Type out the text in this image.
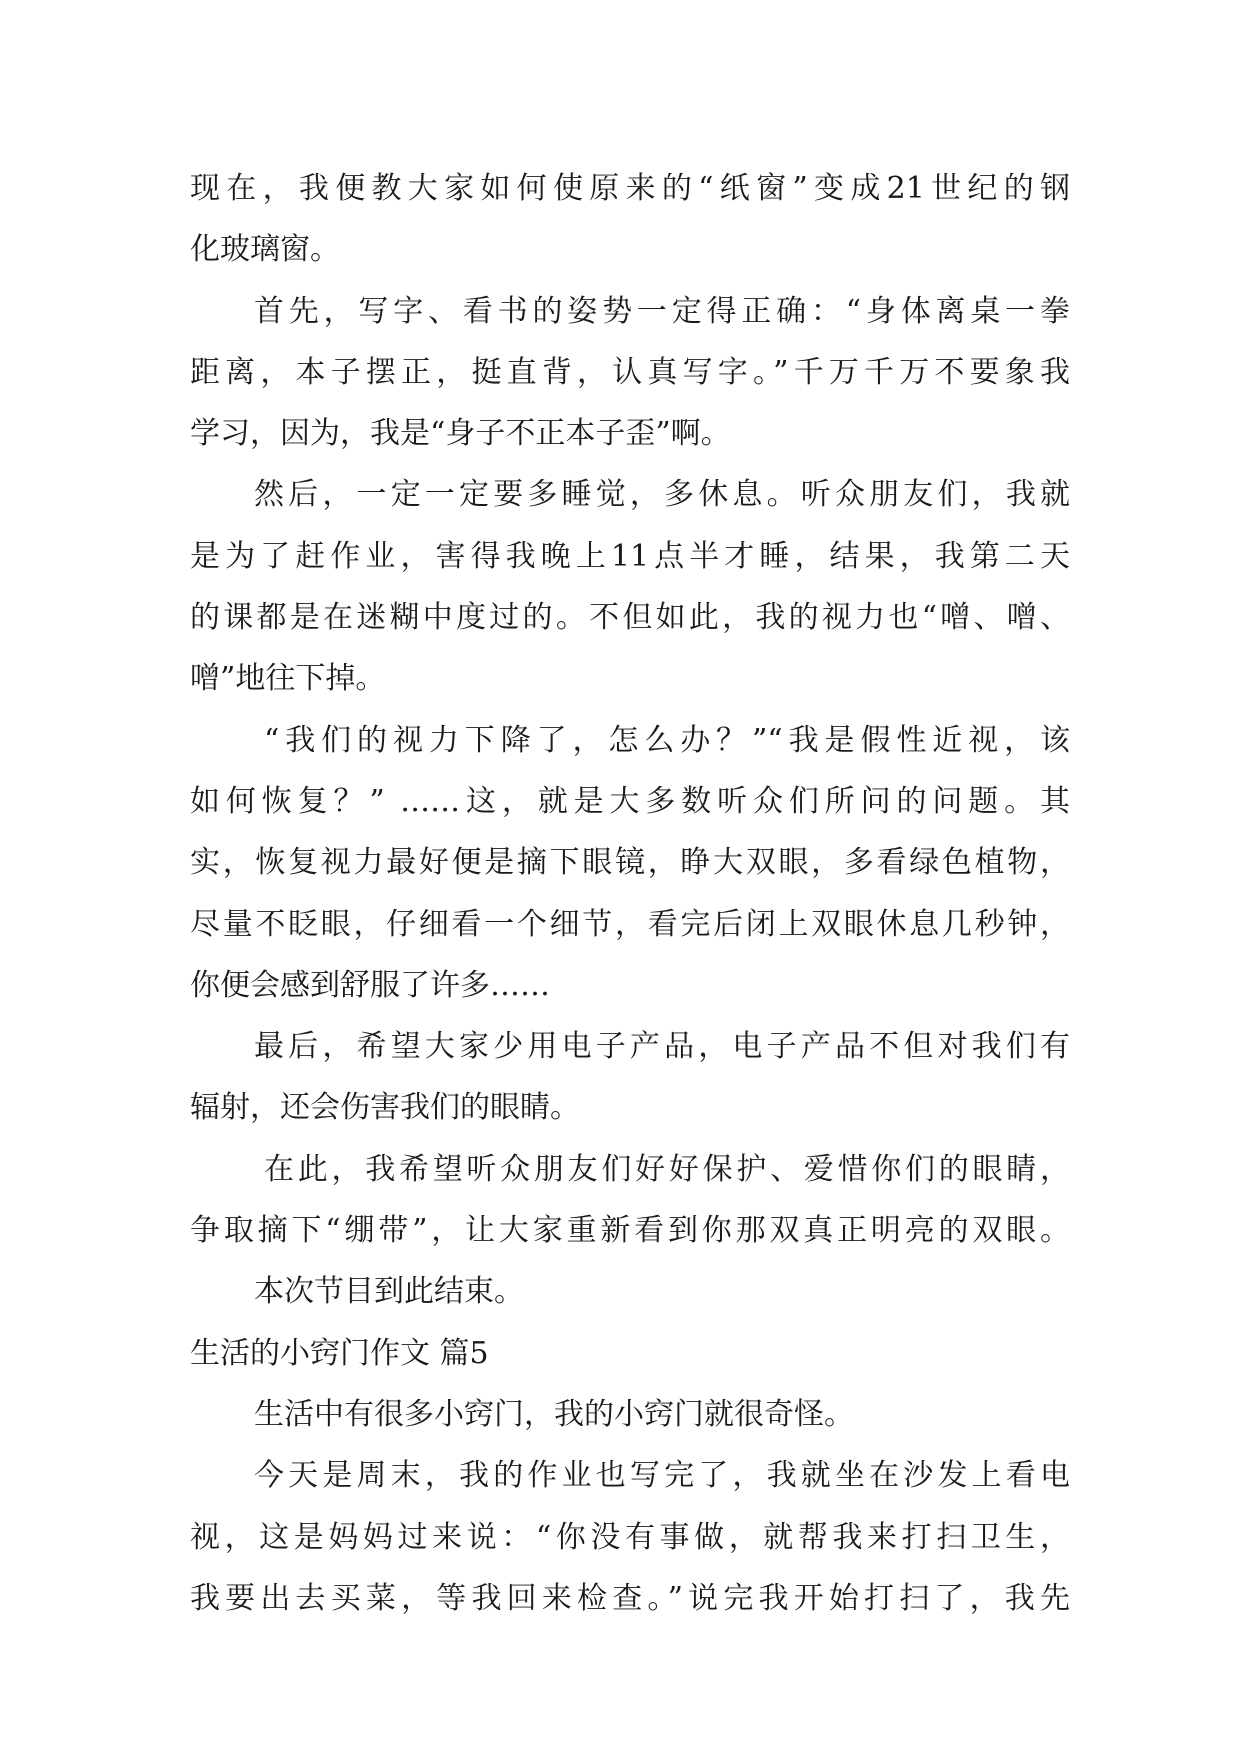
现在，我便教大家如何使原来的“纸窗”变成21世纪的钢
化玻璃窗。
首先，写字、看书的姿势一定得正确：“身体离桌一拳
距离，本子摆正，挺直背，认真写字。”千万千万不要象我
学习，因为，我是“身子不正本子歪”啊。
然后，一定一定要多睡觉，多休息。听众朋友们，我就
是为了赶作业，害得我晚上11点半才睡，结果，我第二天
的课都是在迷糊中度过的。不但如此，我的视力也“噌、噌、
噌”地往下掉。
“我们的视力下降了，怎么办？”“我是假性近视，该
如何恢复？” ……这，就是大多数听众们所问的问题。其
实，恢复视力最好便是摘下眼镜，睁大双眼，多看绿色植物，
尽量不眨眼，仔细看一个细节，看完后闭上双眼休息几秒钟，
你便会感到舒服了许多……
最后，希望大家少用电子产品，电子产品不但对我们有
辐射，还会伤害我们的眼睛。
在此，我希望听众朋友们好好保护、爱惜你们的眼睛，
争取摘下“绷带”，让大家重新看到你那双真正明亮的双眼。
本次节目到此结束。
生活的小窍门作文 篇5
生活中有很多小窍门，我的小窍门就很奇怪。
今天是周末，我的作业也写完了，我就坐在沙发上看电
视，这是妈妈过来说：“你没有事做，就帮我来打扫卫生，
我要出去买菜，等我回来检查。”说完我开始打扫了，我先
